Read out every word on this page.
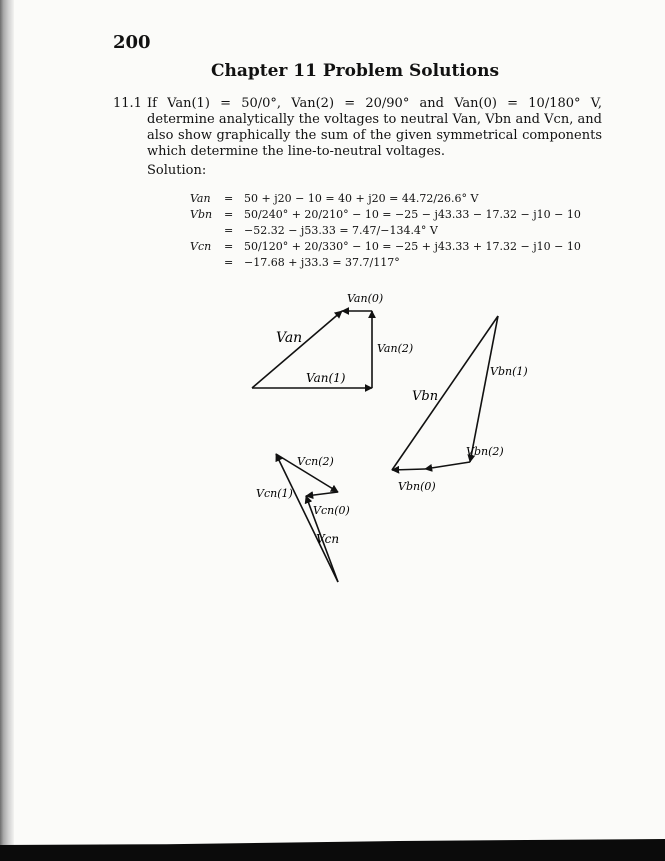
200
Chapter 11 Problem Solutions
11.1 If Van(1) = 50/0°, Van(2) = 20/90° and Van(0) = 10/180° V, determine analytically the voltages to neutral Van, Vbn and Vcn, and also show graphically the sum of the given symmetrical components which determine the line-to-neutral voltages.
Solution:
Van = 50 + j20 − 10 = 40 + j20 = 44.72/26.6° V
Vbn = 50/240° + 20/210° − 10 = −25 − j43.33 − 17.32 − j10 − 10
= −52.32 − j53.33 = 7.47/−134.4° V
Vcn = 50/120° + 20/330° − 10 = −25 + j43.33 + 17.32 − j10 − 10
= −17.68 + j33.3 = 37.7/117°
Van
Van(0)
Van(2)
Van(1)
Vbn
Vbn(1)
Vbn(2)
Vbn(0)
Vcn(2)
Vcn(1)
Vcn(0)
Vcn
